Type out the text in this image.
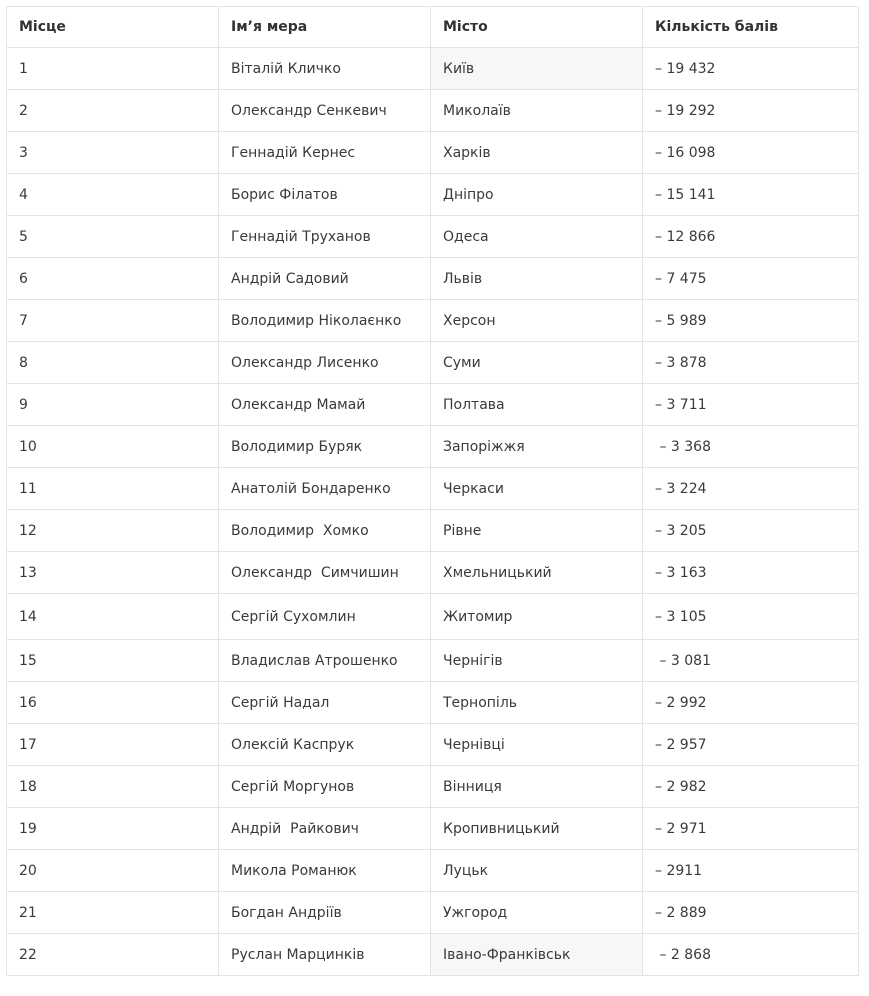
Місце	Ім’я мера	Місто	Кількість балів
1	Віталій Кличко	Київ	– 19 432
2	Олександр Сенкевич	Миколаїв	– 19 292
3	Геннадій Кернес	Харків	– 16 098
4	Борис Філатов	Дніпро	– 15 141
5	Геннадій Труханов	Одеса	– 12 866
6	Андрій Садовий	Львів	– 7 475
7	Володимир Ніколаєнко	Херсон	– 5 989
8	Олександр Лисенко	Суми	– 3 878
9	Олександр Мамай	Полтава	– 3 711
10	Володимир Буряк	Запоріжжя	– 3 368
11	Анатолій Бондаренко	Черкаси	– 3 224
12	Володимир  Хомко	Рівне	– 3 205
13	Олександр  Симчишин	Хмельницький	– 3 163
14	Сергій Сухомлин	Житомир	– 3 105
15	Владислав Атрошенко	Чернігів	– 3 081
16	Сергій Надал	Тернопіль	– 2 992
17	Олексій Каспрук	Чернівці	– 2 957
18	Сергій Моргунов	Вінниця	– 2 982
19	Андрій  Райкович	Кропивницький	– 2 971
20	Микола Романюк	Луцьк	– 2911
21	Богдан Андріїв	Ужгород	– 2 889
22	Руслан Марцинків	Івано-Франківськ	– 2 868
